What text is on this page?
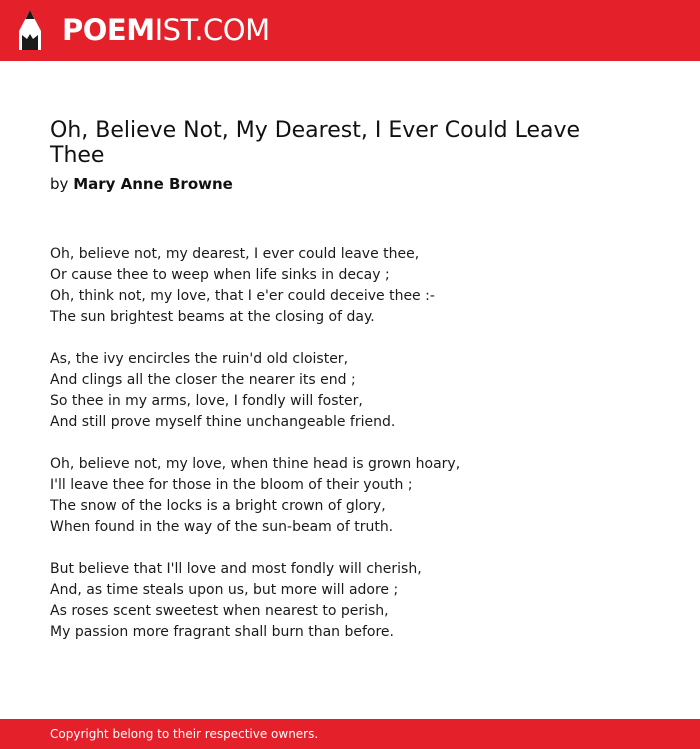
POEMIST.COM
Oh, Believe Not, My Dearest, I Ever Could Leave Thee
by Mary Anne Browne
Oh, believe not, my dearest, I ever could leave thee,
Or cause thee to weep when life sinks in decay ;
Oh, think not, my love, that I e'er could deceive thee :-
The sun brightest beams at the closing of day.
As, the ivy encircles the ruin'd old cloister,
And clings all the closer the nearer its end ;
So thee in my arms, love, I fondly will foster,
And still prove myself thine unchangeable friend.
Oh, believe not, my love, when thine head is grown hoary,
I'll leave thee for those in the bloom of their youth ;
The snow of the locks is a bright crown of glory,
When found in the way of the sun-beam of truth.
But believe that I'll love and most fondly will cherish,
And, as time steals upon us, but more will adore ;
As roses scent sweetest when nearest to perish,
My passion more fragrant shall burn than before.
Copyright belong to their respective owners.
